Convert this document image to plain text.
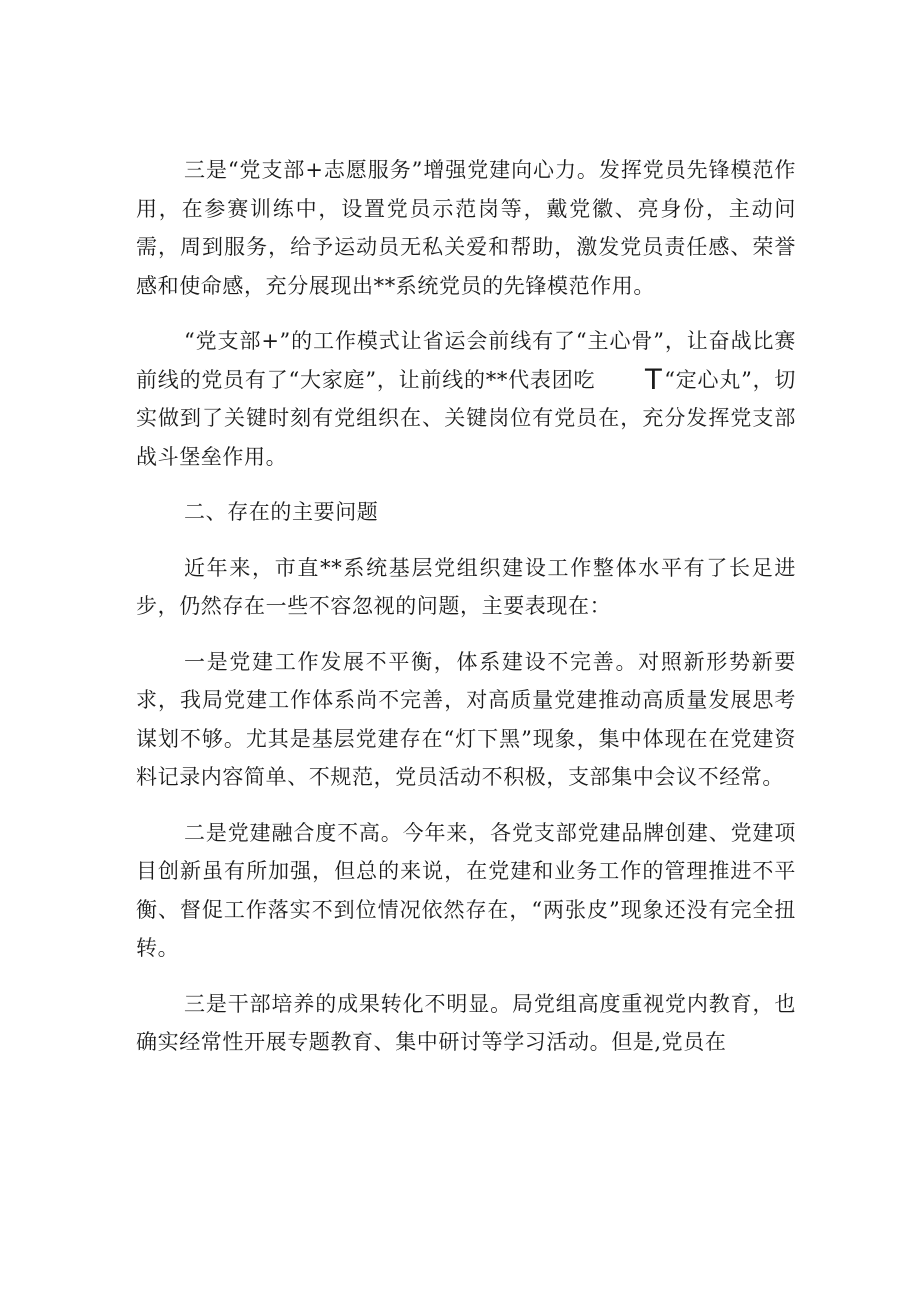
三是“党支部+志愿服务”增强党建向心力。发挥党员先锋模范作用，在参赛训练中，设置党员示范岗等，戴党徽、亮身份，主动问需，周到服务，给予运动员无私关爱和帮助，激发党员责任感、荣誉感和使命感，充分展现出**系统党员的先锋模范作用。

“党支部+”的工作模式让省运会前线有了“主心骨”，让奋战比赛前线的党员有了“大家庭”，让前线的**代表团吃 T“定心丸”，切实做到了关键时刻有党组织在、关键岗位有党员在，充分发挥党支部战斗堡垒作用。

二、存在的主要问题

近年来，市直**系统基层党组织建设工作整体水平有了长足进步，仍然存在一些不容忽视的问题，主要表现在：

一是党建工作发展不平衡，体系建设不完善。对照新形势新要求，我局党建工作体系尚不完善，对高质量党建推动高质量发展思考谋划不够。尤其是基层党建存在“灯下黑”现象，集中体现在在党建资料记录内容简单、不规范，党员活动不积极，支部集中会议不经常。

二是党建融合度不高。今年来，各党支部党建品牌创建、党建项目创新虽有所加强，但总的来说，在党建和业务工作的管理推进不平衡、督促工作落实不到位情况依然存在，“两张皮”现象还没有完全扭转。

三是干部培养的成果转化不明显。局党组高度重视党内教育，也确实经常性开展专题教育、集中研讨等学习活动。但是,党员在
